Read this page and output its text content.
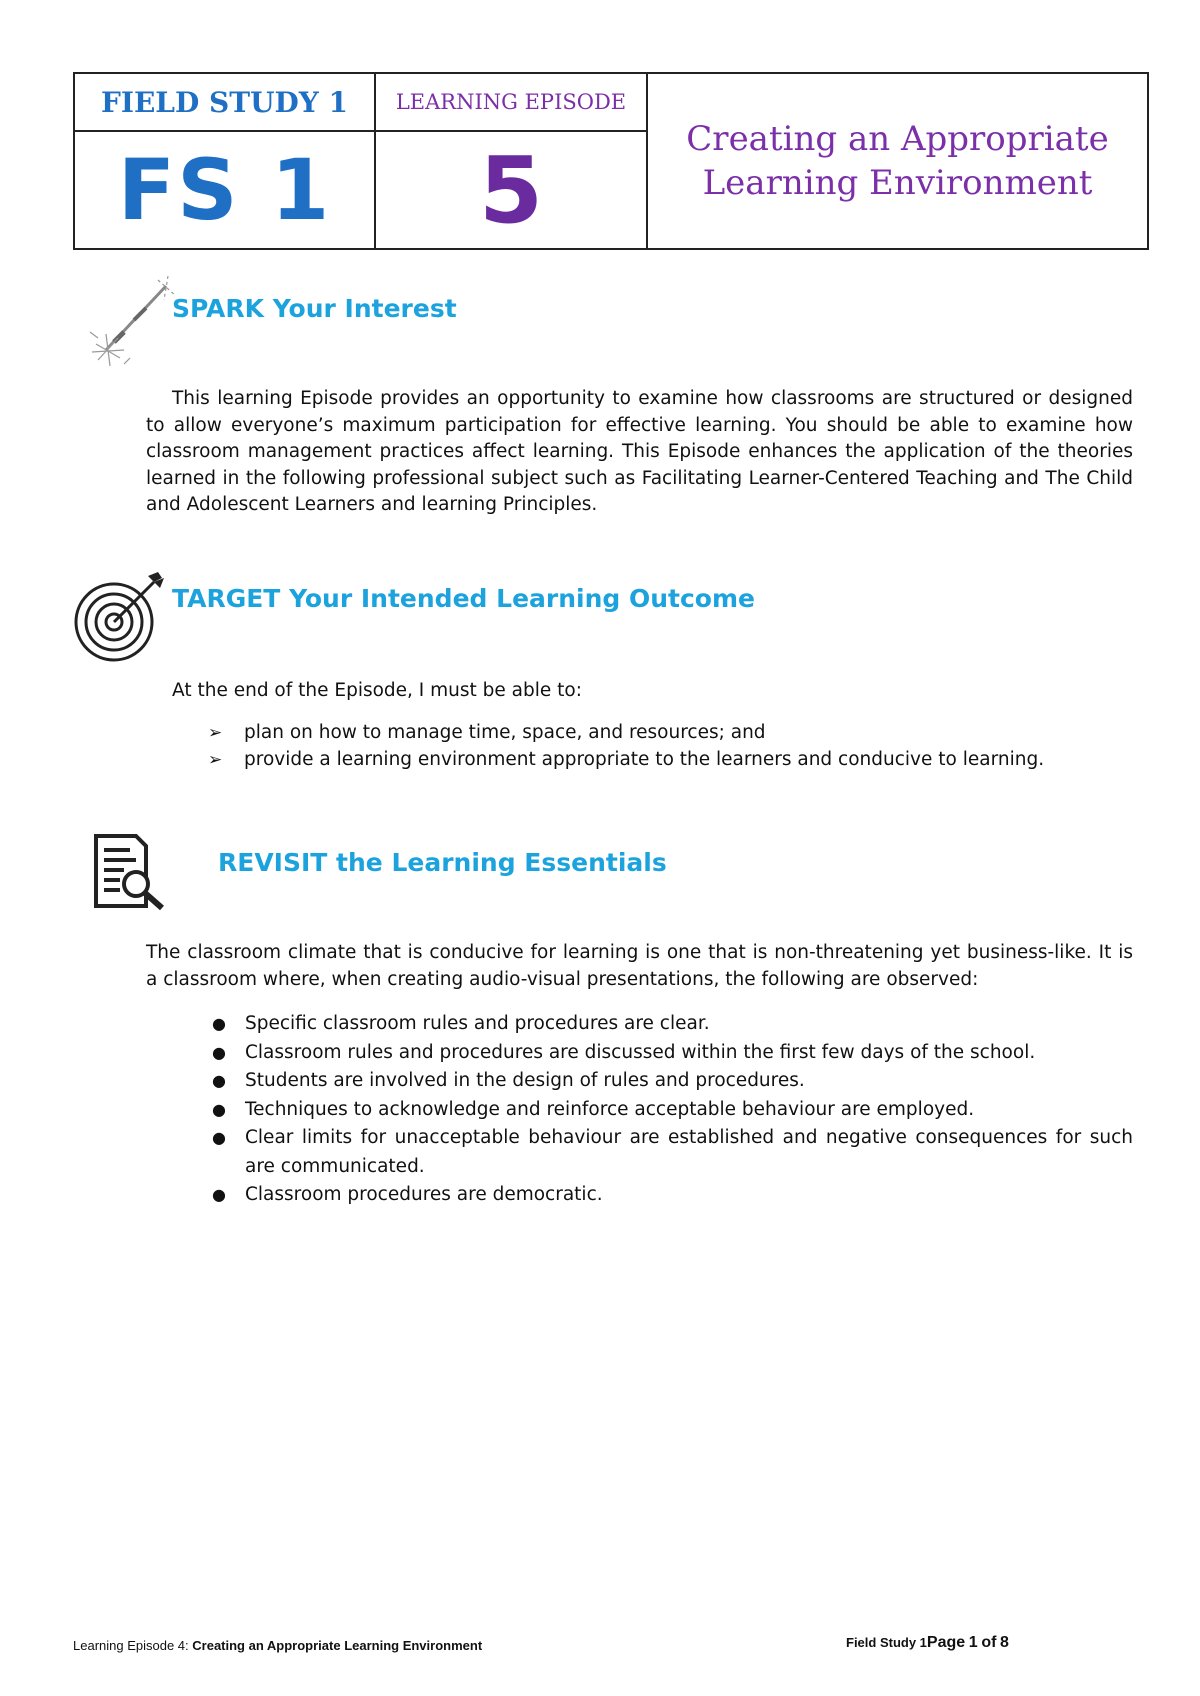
FIELD STUDY 1
FS 1
LEARNING EPISODE
5	Creating an Appropriate
Learning Environment
SPARK Your Interest

This learning Episode provides an opportunity to examine how classrooms are structured or designed to allow everyone’s maximum participation for effective learning. You should be able to examine how classroom management practices affect learning. This Episode enhances the application of the theories learned in the following professional subject such as Facilitating Learner-Centered Teaching and The Child and Adolescent Learners and learning Principles.

TARGET Your Intended Learning Outcome
At the end of the Episode, I must be able to:
➢ plan on how to manage time, space, and resources; and
➢ provide a learning environment appropriate to the learners and conducive to learning.
REVISIT the Learning Essentials

The classroom climate that is conducive for learning is one that is non-threatening yet business-like. It is a classroom where, when creating audio-visual presentations, the following are observed:

● Specific classroom rules and procedures are clear.
● Classroom rules and procedures are discussed within the first few days of the school.
● Students are involved in the design of rules and procedures.
● Techniques to acknowledge and reinforce acceptable behaviour are employed.
● Clear limits for unacceptable behaviour are established and negative consequences for such are communicated.
● Classroom procedures are democratic.
Learning Episode 4: Creating an Appropriate Learning Environment	Field Study 1Page 1 of 8
